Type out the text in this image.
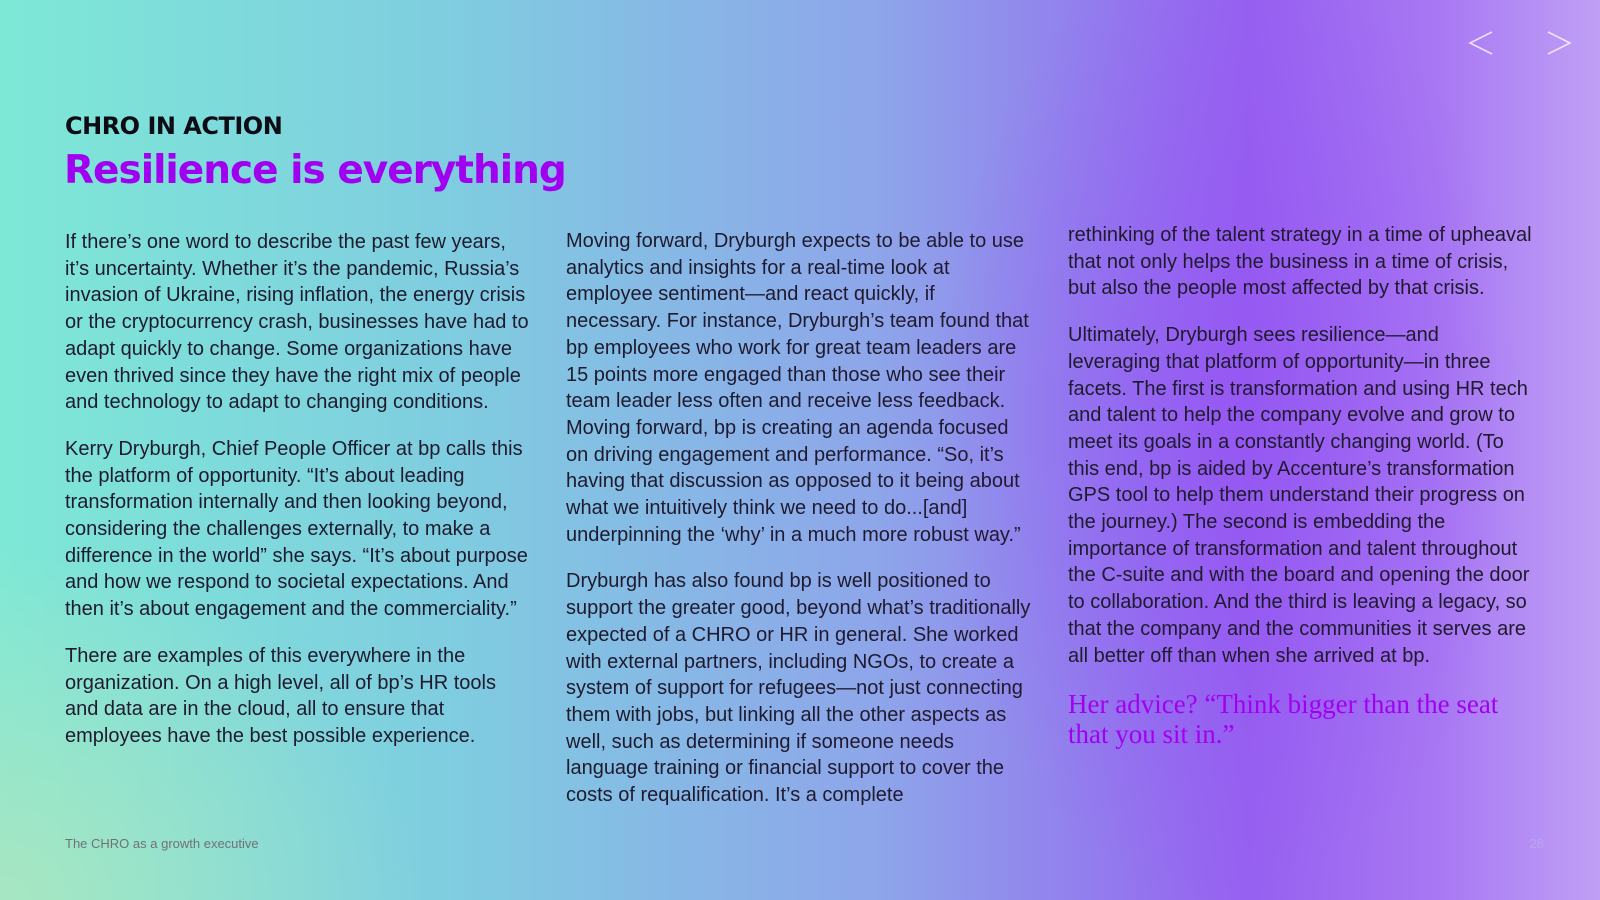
CHRO IN ACTION
Resilience is everything

If there’s one word to describe the past few years, it’s uncertainty. Whether it’s the pandemic, Russia’s invasion of Ukraine, rising inflation, the energy crisis or the cryptocurrency crash, businesses have had to adapt quickly to change. Some organizations have even thrived since they have the right mix of people and technology to adapt to changing conditions.

Kerry Dryburgh, Chief People Officer at bp calls this the platform of opportunity. “It’s about leading transformation internally and then looking beyond, considering the challenges externally, to make a difference in the world” she says. “It’s about purpose and how we respond to societal expectations. And then it’s about engagement and the commerciality.”

There are examples of this everywhere in the organization. On a high level, all of bp’s HR tools and data are in the cloud, all to ensure that employees have the best possible experience.

Moving forward, Dryburgh expects to be able to use analytics and insights for a real-time look at employee sentiment—and react quickly, if necessary. For instance, Dryburgh’s team found that bp employees who work for great team leaders are 15 points more engaged than those who see their team leader less often and receive less feedback. Moving forward, bp is creating an agenda focused on driving engagement and performance. “So, it’s having that discussion as opposed to it being about what we intuitively think we need to do...[and] underpinning the ‘why’ in a much more robust way.”

Dryburgh has also found bp is well positioned to support the greater good, beyond what’s traditionally expected of a CHRO or HR in general. She worked with external partners, including NGOs, to create a system of support for refugees—not just connecting them with jobs, but linking all the other aspects as well, such as determining if someone needs language training or financial support to cover the costs of requalification. It’s a complete

rethinking of the talent strategy in a time of upheaval that not only helps the business in a time of crisis, but also the people most affected by that crisis.

Ultimately, Dryburgh sees resilience—and leveraging that platform of opportunity—in three facets. The first is transformation and using HR tech and talent to help the company evolve and grow to meet its goals in a constantly changing world. (To this end, bp is aided by Accenture’s transformation GPS tool to help them understand their progress on the journey.) The second is embedding the importance of transformation and talent throughout the C-suite and with the board and opening the door to collaboration. And the third is leaving a legacy, so that the company and the communities it serves are all better off than when she arrived at bp.

Her advice? “Think bigger than the seat that you sit in.”

The CHRO as a growth executive	28
